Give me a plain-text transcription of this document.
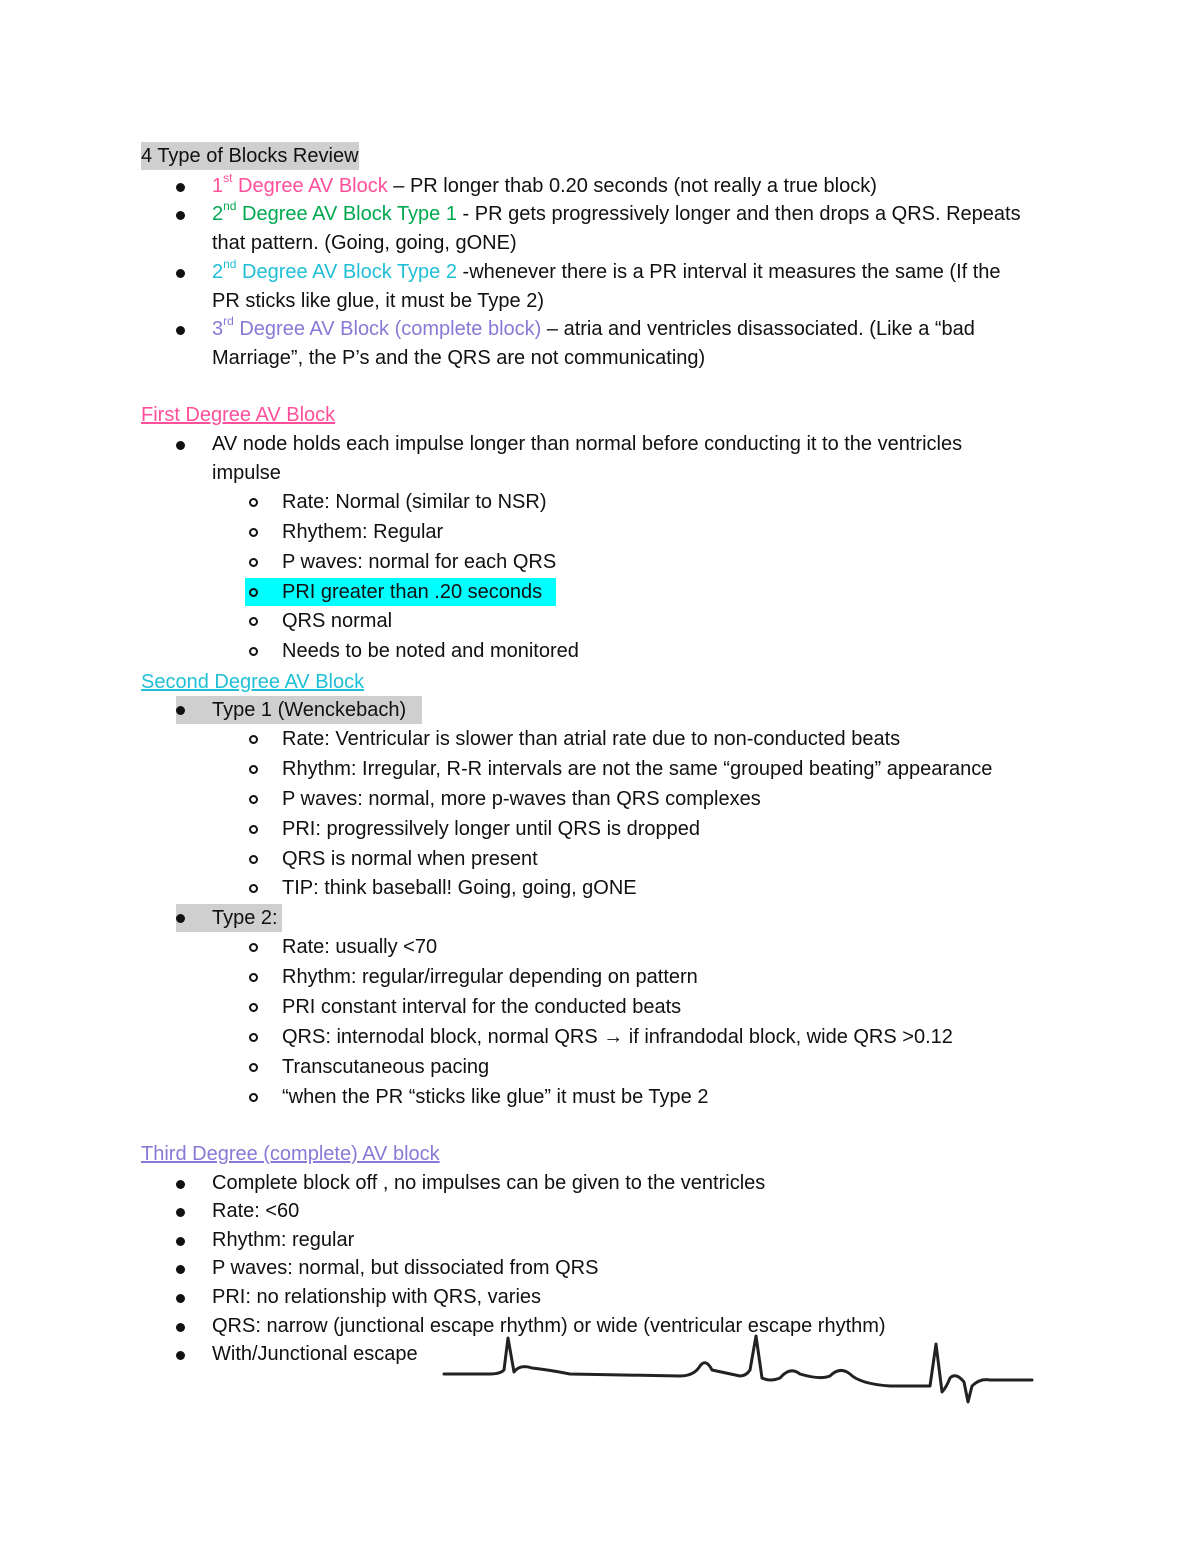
4 Type of Blocks Review
1st Degree AV Block – PR longer thab 0.20 seconds (not really a true block)
2nd Degree AV Block Type 1 - PR gets progressively longer and then drops a QRS. Repeats
that pattern. (Going, going, gONE)
2nd Degree AV Block Type 2 -whenever there is a PR interval it measures the same (If the
PR sticks like glue, it must be Type 2)
3rd Degree AV Block (complete block) – atria and ventricles disassociated. (Like a “bad
Marriage”, the P’s and the QRS are not communicating)
First Degree AV Block
AV node holds each impulse longer than normal before conducting it to the ventricles
impulse
Rate: Normal (similar to NSR)
Rhythem: Regular
P waves: normal for each QRS
PRI greater than .20 seconds
QRS normal
Needs to be noted and monitored
Second Degree AV Block
Type 1 (Wenckebach)
Rate: Ventricular is slower than atrial rate due to non-conducted beats
Rhythm: Irregular, R-R intervals are not the same “grouped beating” appearance
P waves: normal, more p-waves than QRS complexes
PRI: progressilvely longer until QRS is dropped
QRS is normal when present
TIP: think baseball! Going, going, gONE
Type 2:
Rate: usually <70
Rhythm: regular/irregular depending on pattern
PRI constant interval for the conducted beats
QRS: internodal block, normal QRS → if infrandodal block, wide QRS >0.12
Transcutaneous pacing
“when the PR “sticks like glue” it must be Type 2
Third Degree (complete) AV block
Complete block off , no impulses can be given to the ventricles
Rate: <60
Rhythm: regular
P waves: normal, but dissociated from QRS
PRI: no relationship with QRS, varies
QRS: narrow (junctional escape rhythm) or wide (ventricular escape rhythm)
With/Junctional escape
